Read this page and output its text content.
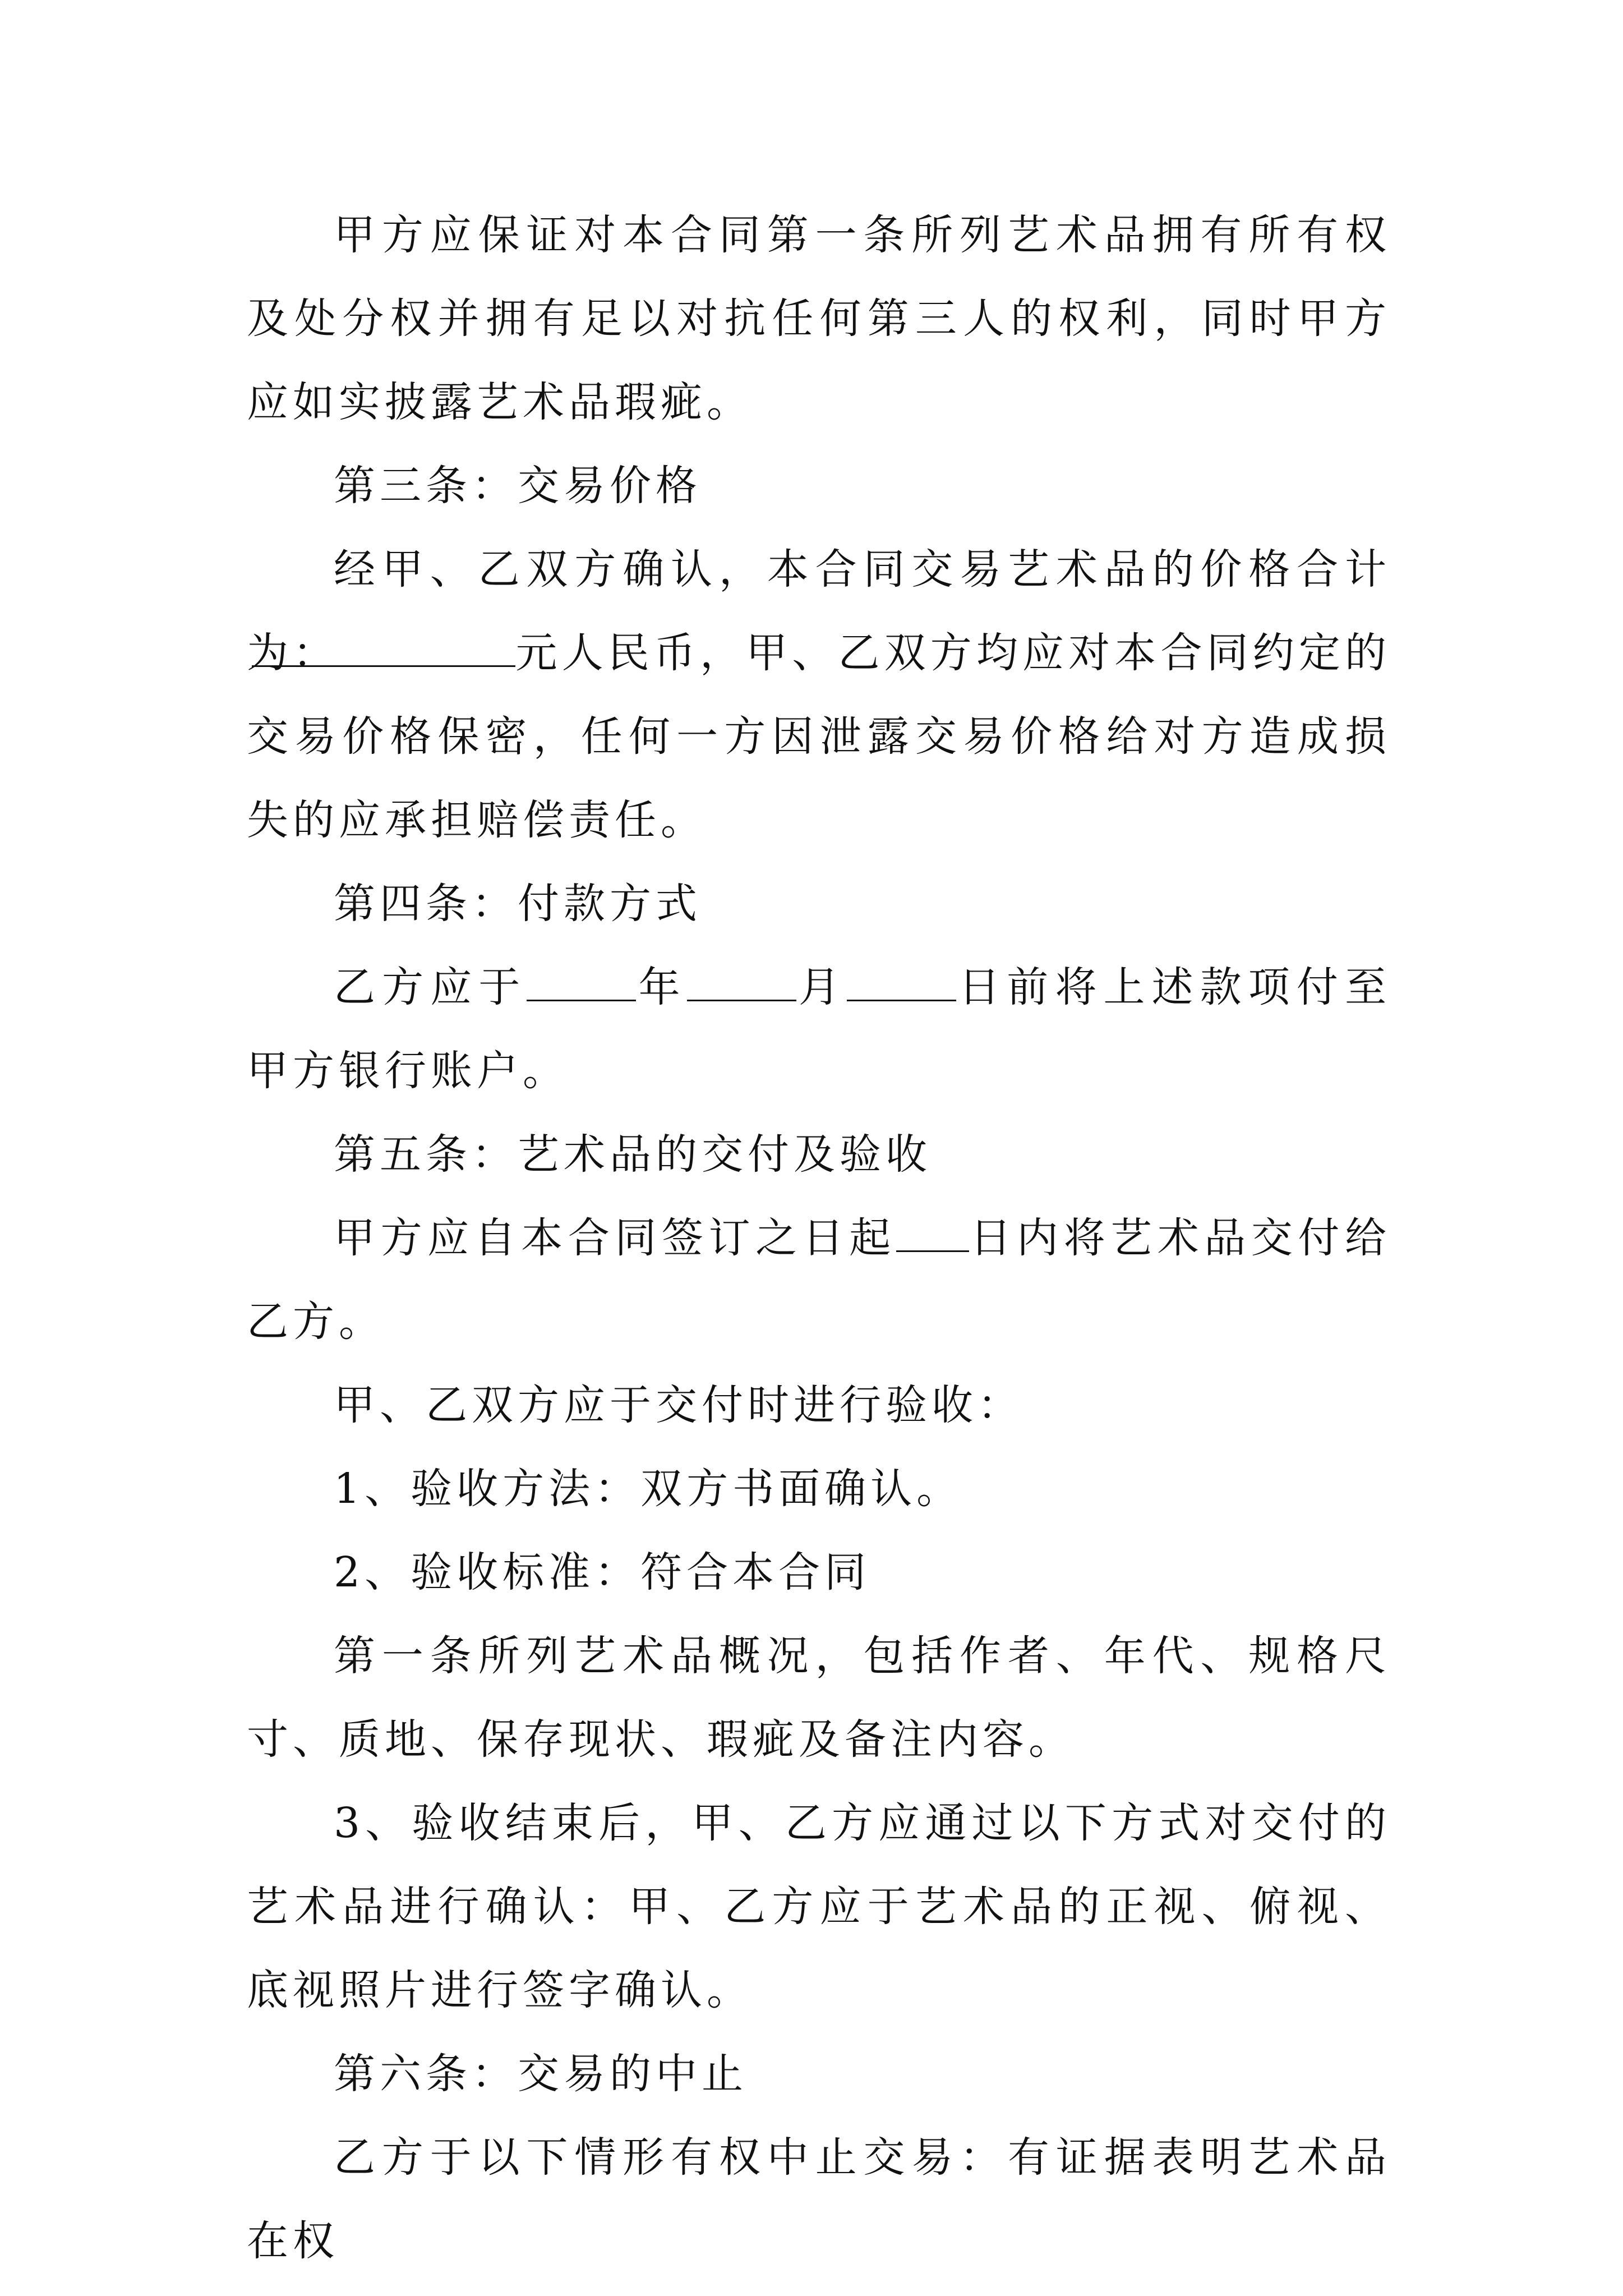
甲方应保证对本合同第一条所列艺术品拥有所有权及处分权并拥有足以对抗任何第三人的权利，同时甲方应如实披露艺术品瑕疵。

第三条：交易价格

经甲、乙双方确认，本合同交易艺术品的价格合计为：	元人民币，甲、乙双方均应对本合同约定的交易价格保密，任何一方因泄露交易价格给对方造成损失的应承担赔偿责任。

第四条：付款方式

乙方应于	年	月	日前将上述款项付至甲方银行账户。

第五条：艺术品的交付及验收

甲方应自本合同签订之日起 日内将艺术品交付给乙方。

甲、乙双方应于交付时进行验收：

1、验收方法：双方书面确认。

2、验收标准：符合本合同

第一条所列艺术品概况，包括作者、年代、规格尺寸、质地、保存现状、瑕疵及备注内容。

3、验收结束后，甲、乙方应通过以下方式对交付的艺术品进行确认：甲、乙方应于艺术品的正视、俯视、底视照片进行签字确认。

第六条：交易的中止

乙方于以下情形有权中止交易：有证据表明艺术品在权
